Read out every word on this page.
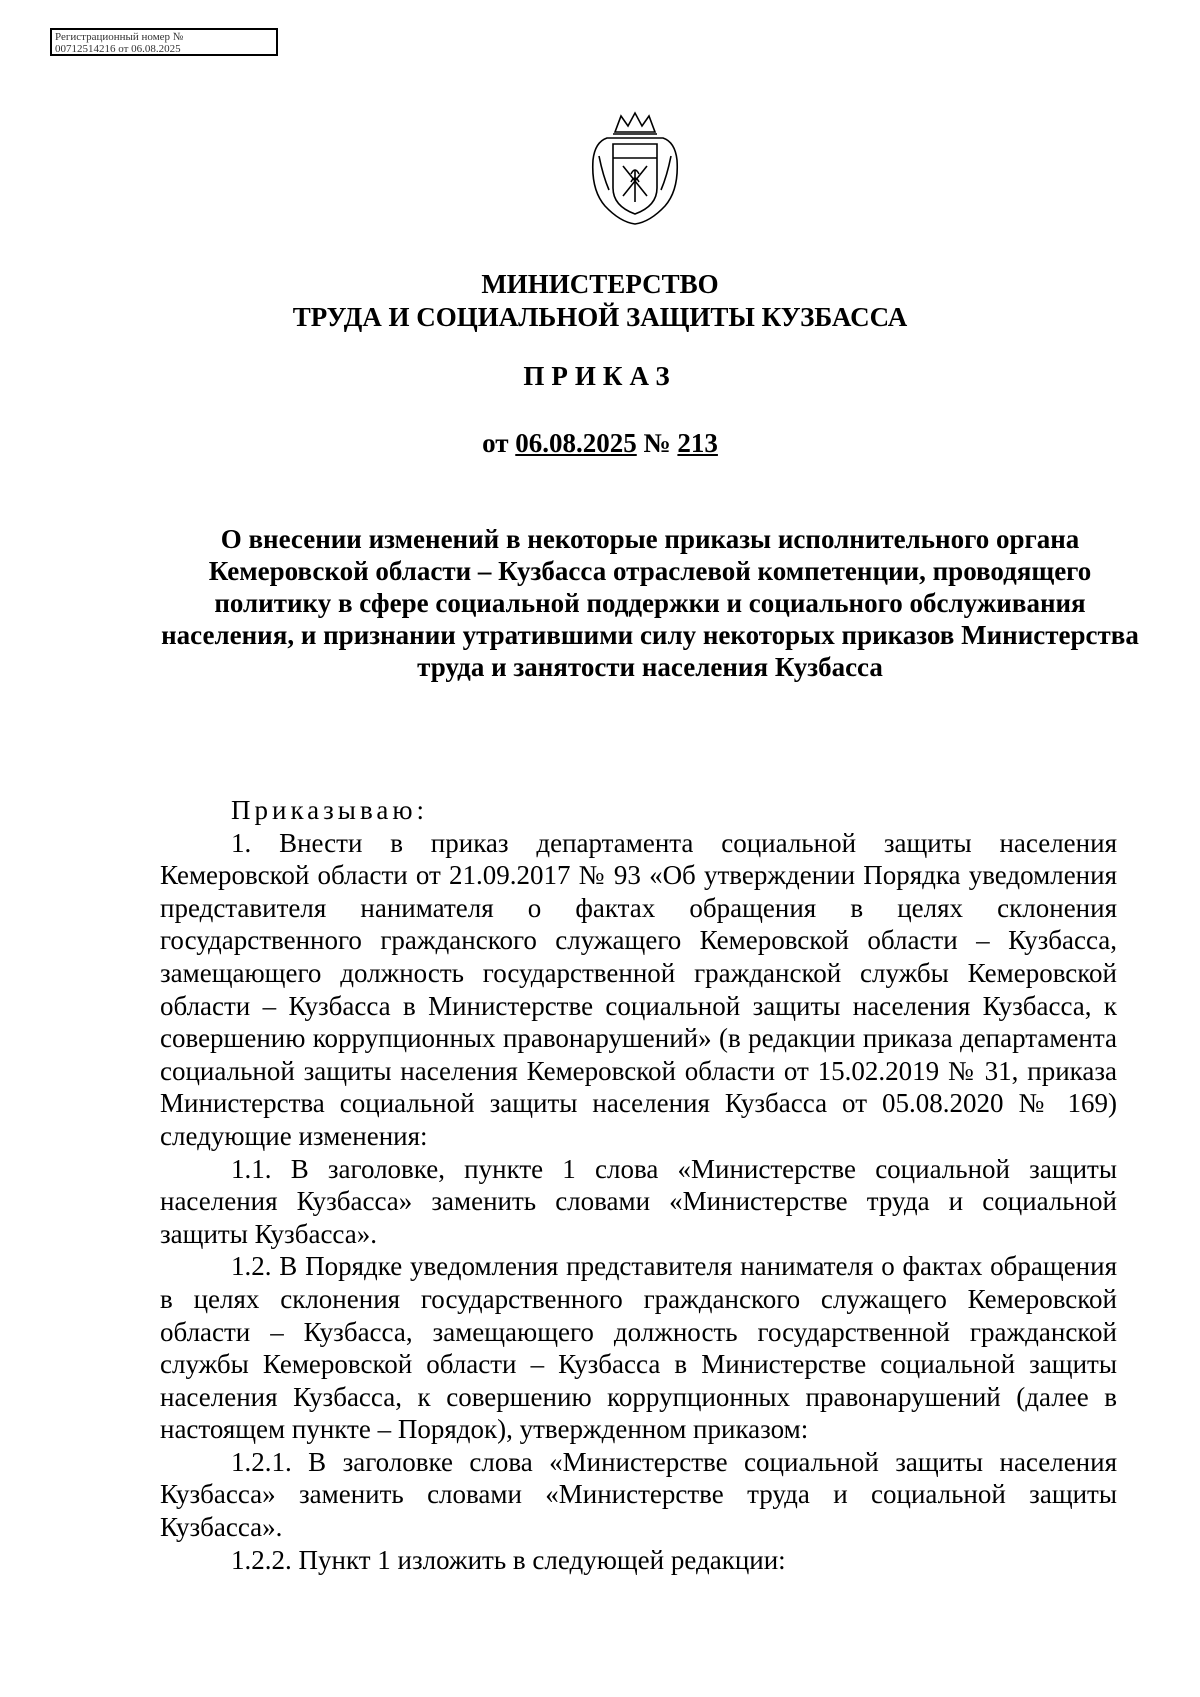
Регистрационный номер №
00712514216 от 06.08.2025
МИНИСТЕРСТВО
ТРУДА И СОЦИАЛЬНОЙ ЗАЩИТЫ КУЗБАССА
ПРИКАЗ
от 06.08.2025 № 213
О внесении изменений в некоторые приказы исполнительного органа Кемеровской области – Кузбасса отраслевой компетенции, проводящего политику в сфере социальной поддержки и социального обслуживания населения, и признании утратившими силу некоторых приказов Министерства труда и занятости населения Кузбасса

Приказываю:

1. Внести в приказ департамента социальной защиты населения Кемеровской области от 21.09.2017 № 93 «Об утверждении Порядка уведомления представителя нанимателя о фактах обращения в целях склонения государственного гражданского служащего Кемеровской области – Кузбасса, замещающего должность государственной гражданской службы Кемеровской области – Кузбасса в Министерстве социальной защиты населения Кузбасса, к совершению коррупционных правонарушений» (в редакции приказа департамента социальной защиты населения Кемеровской области от 15.02.2019 № 31, приказа Министерства социальной защиты населения Кузбасса от 05.08.2020 № 169) следующие изменения:

1.1. В заголовке, пункте 1 слова «Министерстве социальной защиты населения Кузбасса» заменить словами «Министерстве труда и социальной защиты Кузбасса».

1.2. В Порядке уведомления представителя нанимателя о фактах обращения в целях склонения государственного гражданского служащего Кемеровской области – Кузбасса, замещающего должность государственной гражданской службы Кемеровской области – Кузбасса в Министерстве социальной защиты населения Кузбасса, к совершению коррупционных правонарушений (далее в настоящем пункте – Порядок), утвержденном приказом:

1.2.1. В заголовке слова «Министерстве социальной защиты населения Кузбасса» заменить словами «Министерстве труда и социальной защиты Кузбасса».

1.2.2. Пункт 1 изложить в следующей редакции:
